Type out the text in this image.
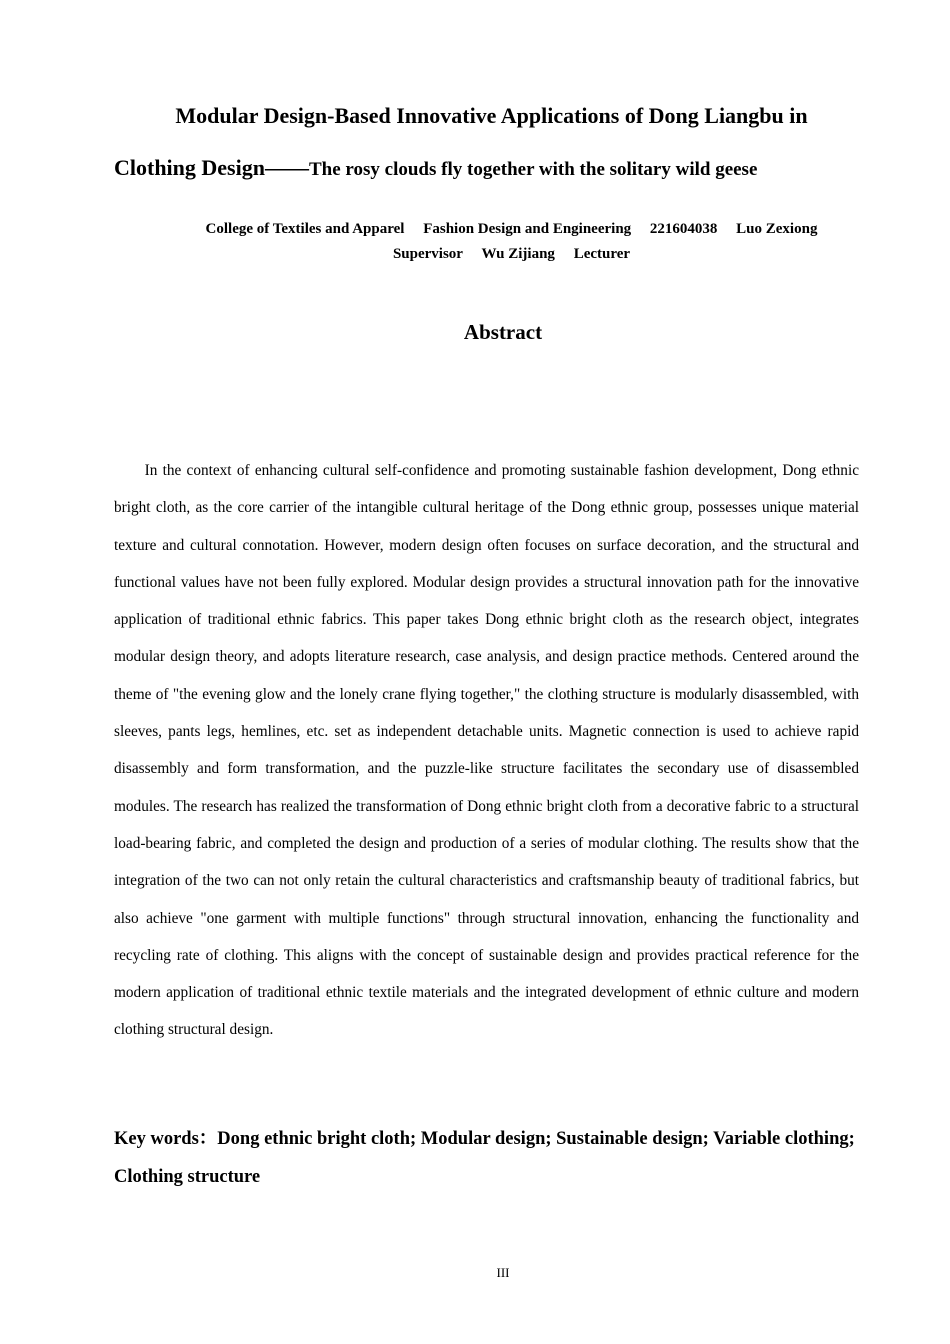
Modular Design-Based Innovative Applications of Dong Liangbu in

Clothing Design——The rosy clouds fly together with the solitary wild geese

College of Textiles and Apparel Fashion Design and Engineering 221604038 Luo Zexiong
Supervisor Wu Zijiang Lecturer
Abstract

In the context of enhancing cultural self-confidence and promoting sustainable fashion development, Dong ethnic bright cloth, as the core carrier of the intangible cultural heritage of the Dong ethnic group, possesses unique material texture and cultural connotation. However, modern design often focuses on surface decoration, and the structural and functional values have not been fully explored. Modular design provides a structural innovation path for the innovative application of traditional ethnic fabrics. This paper takes Dong ethnic bright cloth as the research object, integrates modular design theory, and adopts literature research, case analysis, and design practice methods. Centered around the theme of "the evening glow and the lonely crane flying together," the clothing structure is modularly disassembled, with sleeves, pants legs, hemlines, etc. set as independent detachable units. Magnetic connection is used to achieve rapid disassembly and form transformation, and the puzzle-like structure facilitates the secondary use of disassembled modules. The research has realized the transformation of Dong ethnic bright cloth from a decorative fabric to a structural load-bearing fabric, and completed the design and production of a series of modular clothing. The results show that the integration of the two can not only retain the cultural characteristics and craftsmanship beauty of traditional fabrics, but also achieve "one garment with multiple functions" through structural innovation, enhancing the functionality and recycling rate of clothing. This aligns with the concept of sustainable design and provides practical reference for the modern application of traditional ethnic textile materials and the integrated development of ethnic culture and modern clothing structural design.

Key words：Dong ethnic bright cloth; Modular design; Sustainable design; Variable clothing; Clothing structure

III
